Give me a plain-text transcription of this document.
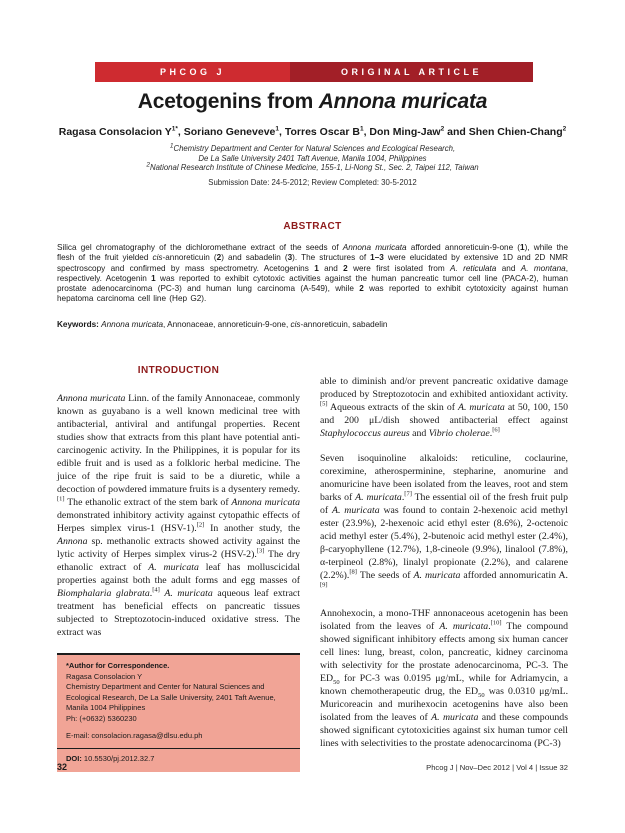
PHCOG J	ORIGINAL ARTICLE
Acetogenins from Annona muricata
Ragasa Consolacion $Y^{1*}$, Soriano Geneveve$^1$, Torres Oscar $B^1$, Don Ming-Jaw$^2$ and Shen Chien-Chang$^2$
$^1$Chemistry Department and Center for Natural Sciences and Ecological Research,
De La Salle University 2401 Taft Avenue, Manila 1004, Philippines
$^2$National Research Institute of Chinese Medicine, 155-1, Li-Nong St., Sec. 2, Taipei 112, Taiwan
Submission Date: 24-5-2012; Review Completed: 30-5-2012
ABSTRACT

Silica gel chromatography of the dichloromethane extract of the seeds of Annona muricata afforded annoreticuin-9-one (1), while the flesh of the fruit yielded cis-annoreticuin (2) and sabadelin (3). The structures of 1–3 were elucidated by extensive 1D and 2D NMR spectroscopy and confirmed by mass spectrometry. Acetogenins 1 and 2 were first isolated from A. reticulata and A. montana, respectively. Acetogenin 1 was reported to exhibit cytotoxic activities against the human pancreatic tumor cell line (PACA-2), human prostate adenocarcinoma (PC-3) and human lung carcinoma (A-549), while 2 was reported to exhibit cytotoxicity against human hepatoma carcinoma cell line (Hep G2).

Keywords: Annona muricata, Annonaceae, annoreticuin-9-one, cis-annoreticuin, sabadelin
INTRODUCTION

Annona muricata Linn. of the family Annonaceae, commonly known as guyabano is a well known medicinal tree with antibacterial, antiviral and antifungal properties. Recent studies show that extracts from this plant have potential anti-carcinogenic activity. In the Philippines, it is popular for its edible fruit and is used as a folkloric herbal medicine. The juice of the ripe fruit is said to be a diuretic, while a decoction of powdered immature fruits is a dysentery remedy.[1] The ethanolic extract of the stem bark of Annona muricata demonstrated inhibitory activity against cytopathic effects of Herpes simplex virus-1 (HSV-1).[2] In another study, the Annona sp. methanolic extracts showed activity against the lytic activity of Herpes simplex virus-2 (HSV-2).[3] The dry ethanolic extract of A. muricata leaf has molluscicidal properties against both the adult forms and egg masses of Biomphalaria glabrata.[4] A. muricata aqueous leaf extract treatment has beneficial effects on pancreatic tissues subjected to Streptozotocin-induced oxidative stress. The extract was

*Author for Correspondence.
Ragasa Consolacion Y
Chemistry Department and Center for Natural Sciences and Ecological Research, De La Salle University, 2401 Taft Avenue, Manila 1004 Philippines
Ph: (+0632) 5360230
E-mail: consolacion.ragasa@dlsu.edu.ph
DOI: 10.5530/pj.2012.32.7

able to diminish and/or prevent pancreatic oxidative damage produced by Streptozotocin and exhibited antioxidant activity.[5] Aqueous extracts of the skin of A. muricata at 50, 100, 150 and 200 μL/dish showed antibacterial effect against Staphylococcus aureus and Vibrio cholerae.[6]

Seven isoquinoline alkaloids: reticuline, coclaurine, coreximine, atherosperminine, stepharine, anomurine and anomuricine have been isolated from the leaves, root and stem barks of A. muricata.[7] The essential oil of the fresh fruit pulp of A. muricata was found to contain 2-hexenoic acid methyl ester (23.9%), 2-hexenoic acid ethyl ester (8.6%), 2-octenoic acid methyl ester (5.4%), 2-butenoic acid methyl ester (2.4%), β-caryophyllene (12.7%), 1,8-cineole (9.9%), linalool (7.8%), α-terpineol (2.8%), linalyl propionate (2.2%), and calarene (2.2%).[8] The seeds of A. muricata afforded annomuricatin A.[9]

Annohexocin, a mono-THF annonaceous acetogenin has been isolated from the leaves of A. muricata.[10] The compound showed significant inhibitory effects among six human cancer cell lines: lung, breast, colon, pancreatic, kidney carcinoma with selectivity for the prostate adenocarcinoma, PC-3. The $ED_{50}$ for PC-3 was 0.0195 μg/mL, while for Adriamycin, a known chemotherapeutic drug, the $ED_{50}$ was 0.0310 μg/mL. Muricoreacin and murihexocin acetogenins have also been isolated from the leaves of A. muricata and these compounds showed significant cytotoxicities against six human tumor cell lines with selectivities to the prostate adenocarcinoma (PC-3)

32	Phcog J | Nov–Dec 2012 | Vol 4 | Issue 32
